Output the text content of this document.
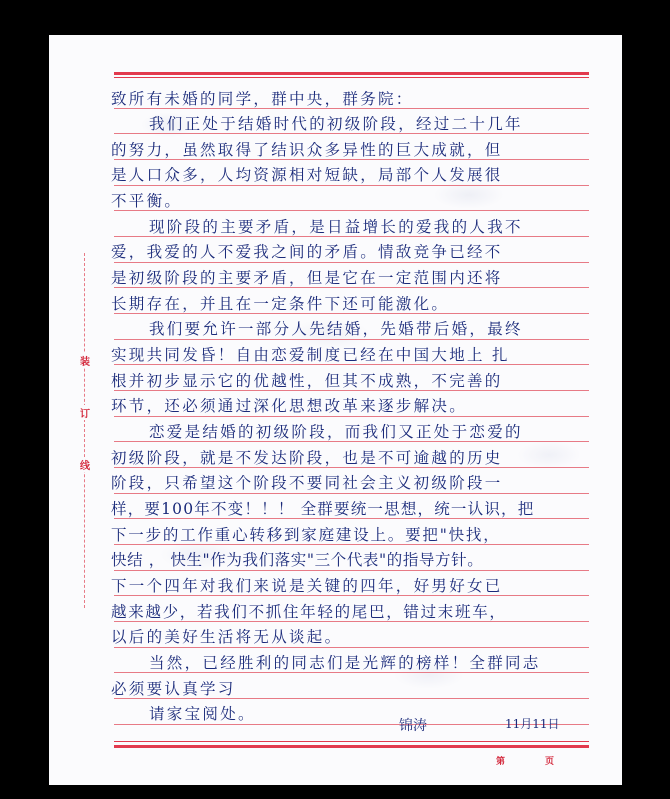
装
订
线
致所有未婚的同学，群中央，群务院：
我们正处于结婚时代的初级阶段，经过二十几年
的努力，虽然取得了结识众多异性的巨大成就，但
是人口众多，人均资源相对短缺，局部个人发展很
不平衡。
现阶段的主要矛盾，是日益增长的爱我的人我不
爱，我爱的人不爱我之间的矛盾。情敌竞争已经不
是初级阶段的主要矛盾，但是它在一定范围内还将
长期存在，并且在一定条件下还可能激化。
我们要允许一部分人先结婚，先婚带后婚，最终
实现共同发昏！自由恋爱制度已经在中国大地上 扎
根并初步显示它的优越性，但其不成熟，不完善的
环节，还必须通过深化思想改革来逐步解决。
恋爱是结婚的初级阶段，而我们又正处于恋爱的
初级阶段，就是不发达阶段，也是不可逾越的历史
阶段，只希望这个阶段不要同社会主义初级阶段一
样，要100年不变！！！ 全群要统一思想，统一认识，把
下一步的工作重心转移到家庭建设上。要把"快找，
快结 ， 快生"作为我们落实"三个代表"的指导方针。
下一个四年对我们来说是关键的四年，好男好女已
越来越少，若我们不抓住年轻的尾巴，错过末班车，
以后的美好生活将无从谈起。
当然，已经胜利的同志们是光辉的榜样！全群同志
必须要认真学习
请家宝阅处。
锦涛	11月11日
第	页
